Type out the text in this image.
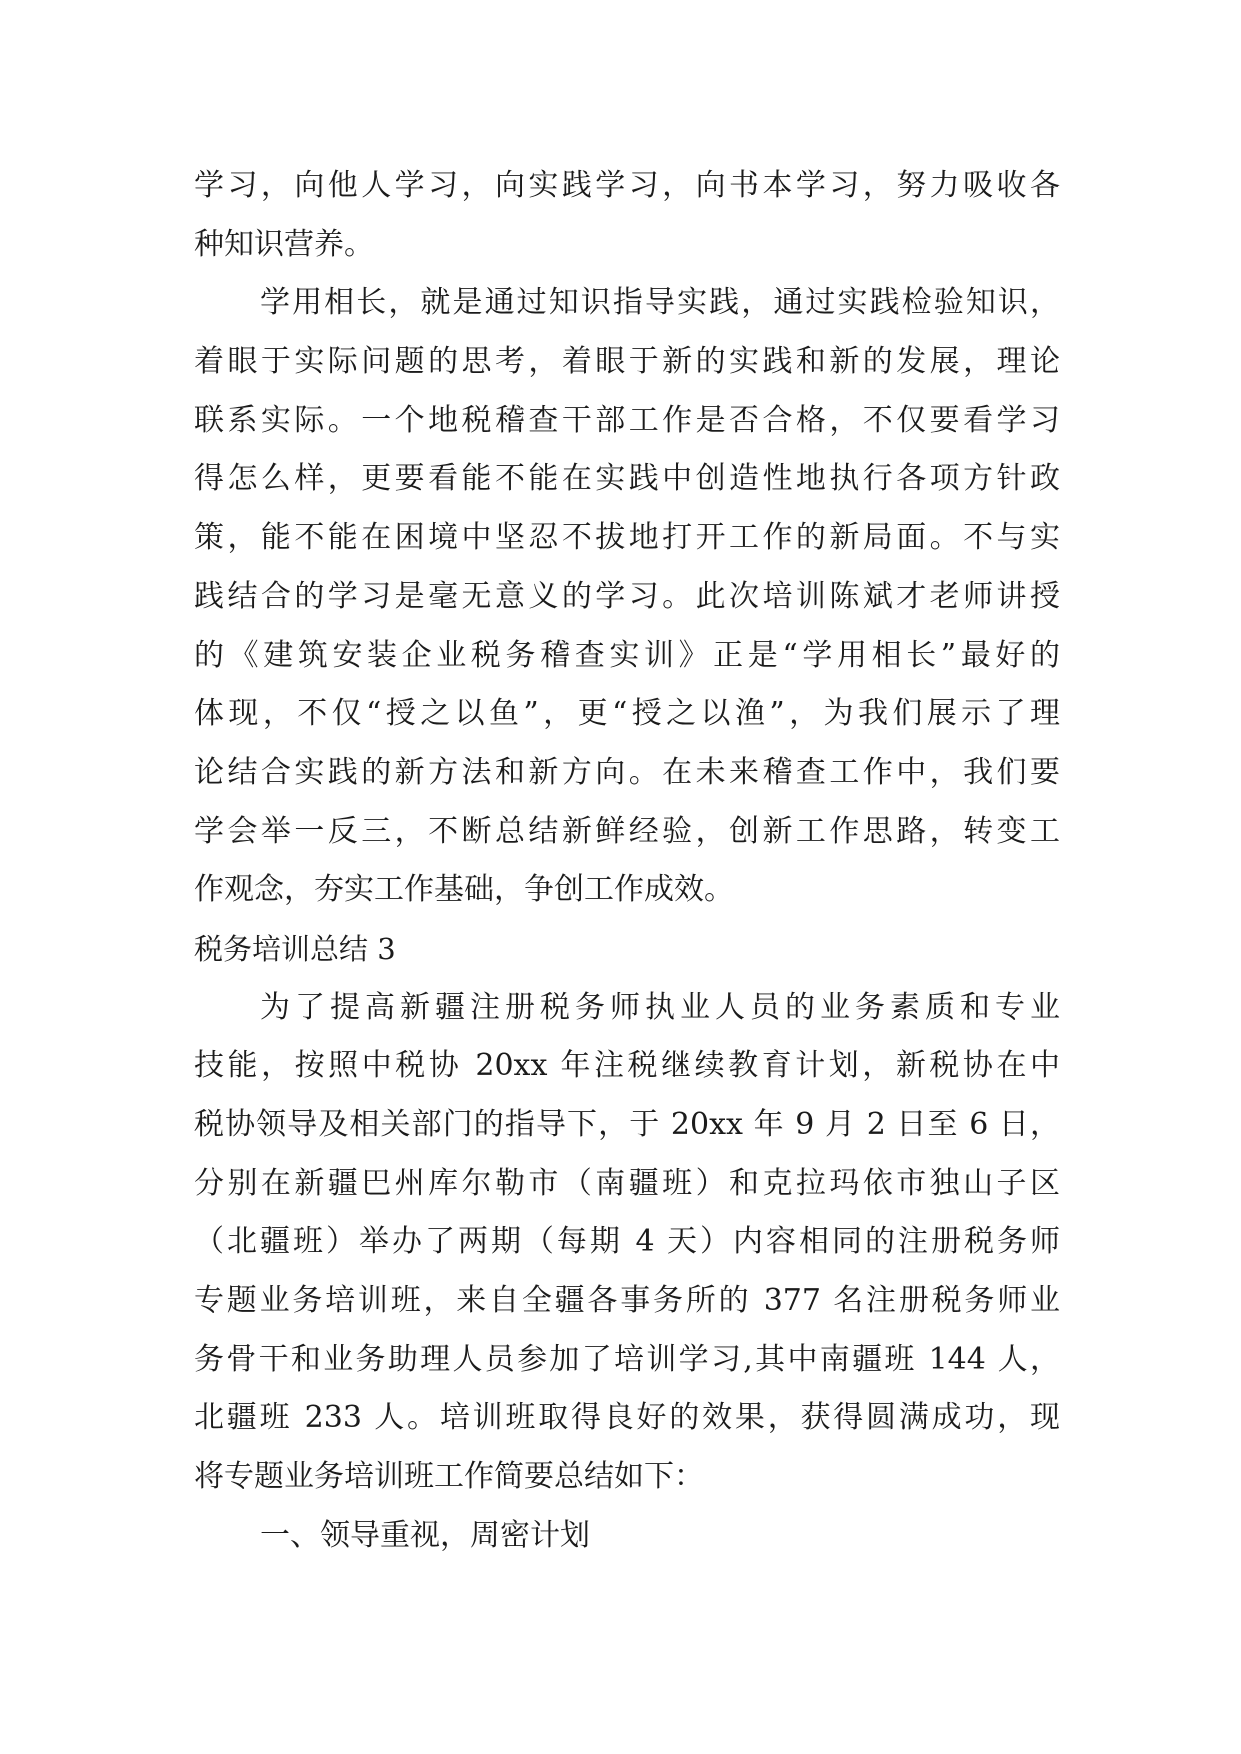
学习，向他人学习，向实践学习，向书本学习，努力吸收各
种知识营养。
学用相长，就是通过知识指导实践，通过实践检验知识，
着眼于实际问题的思考，着眼于新的实践和新的发展，理论
联系实际。一个地税稽查干部工作是否合格，不仅要看学习
得怎么样，更要看能不能在实践中创造性地执行各项方针政
策，能不能在困境中坚忍不拔地打开工作的新局面。不与实
践结合的学习是毫无意义的学习。此次培训陈斌才老师讲授
的《建筑安装企业税务稽查实训》正是“学用相长”最好的
体现，不仅“授之以鱼”，更“授之以渔”，为我们展示了理
论结合实践的新方法和新方向。在未来稽查工作中，我们要
学会举一反三，不断总结新鲜经验，创新工作思路，转变工
作观念，夯实工作基础，争创工作成效。
税务培训总结 3
为了提高新疆注册税务师执业人员的业务素质和专业
技能，按照中税协 20xx 年注税继续教育计划，新税协在中
税协领导及相关部门的指导下，于 20xx 年 9 月 2 日至 6 日，
分别在新疆巴州库尔勒市（南疆班）和克拉玛依市独山子区
（北疆班）举办了两期（每期 4 天）内容相同的注册税务师
专题业务培训班，来自全疆各事务所的 377 名注册税务师业
务骨干和业务助理人员参加了培训学习,其中南疆班 144 人，
北疆班 233 人。培训班取得良好的效果，获得圆满成功，现
将专题业务培训班工作简要总结如下：
一、领导重视，周密计划
